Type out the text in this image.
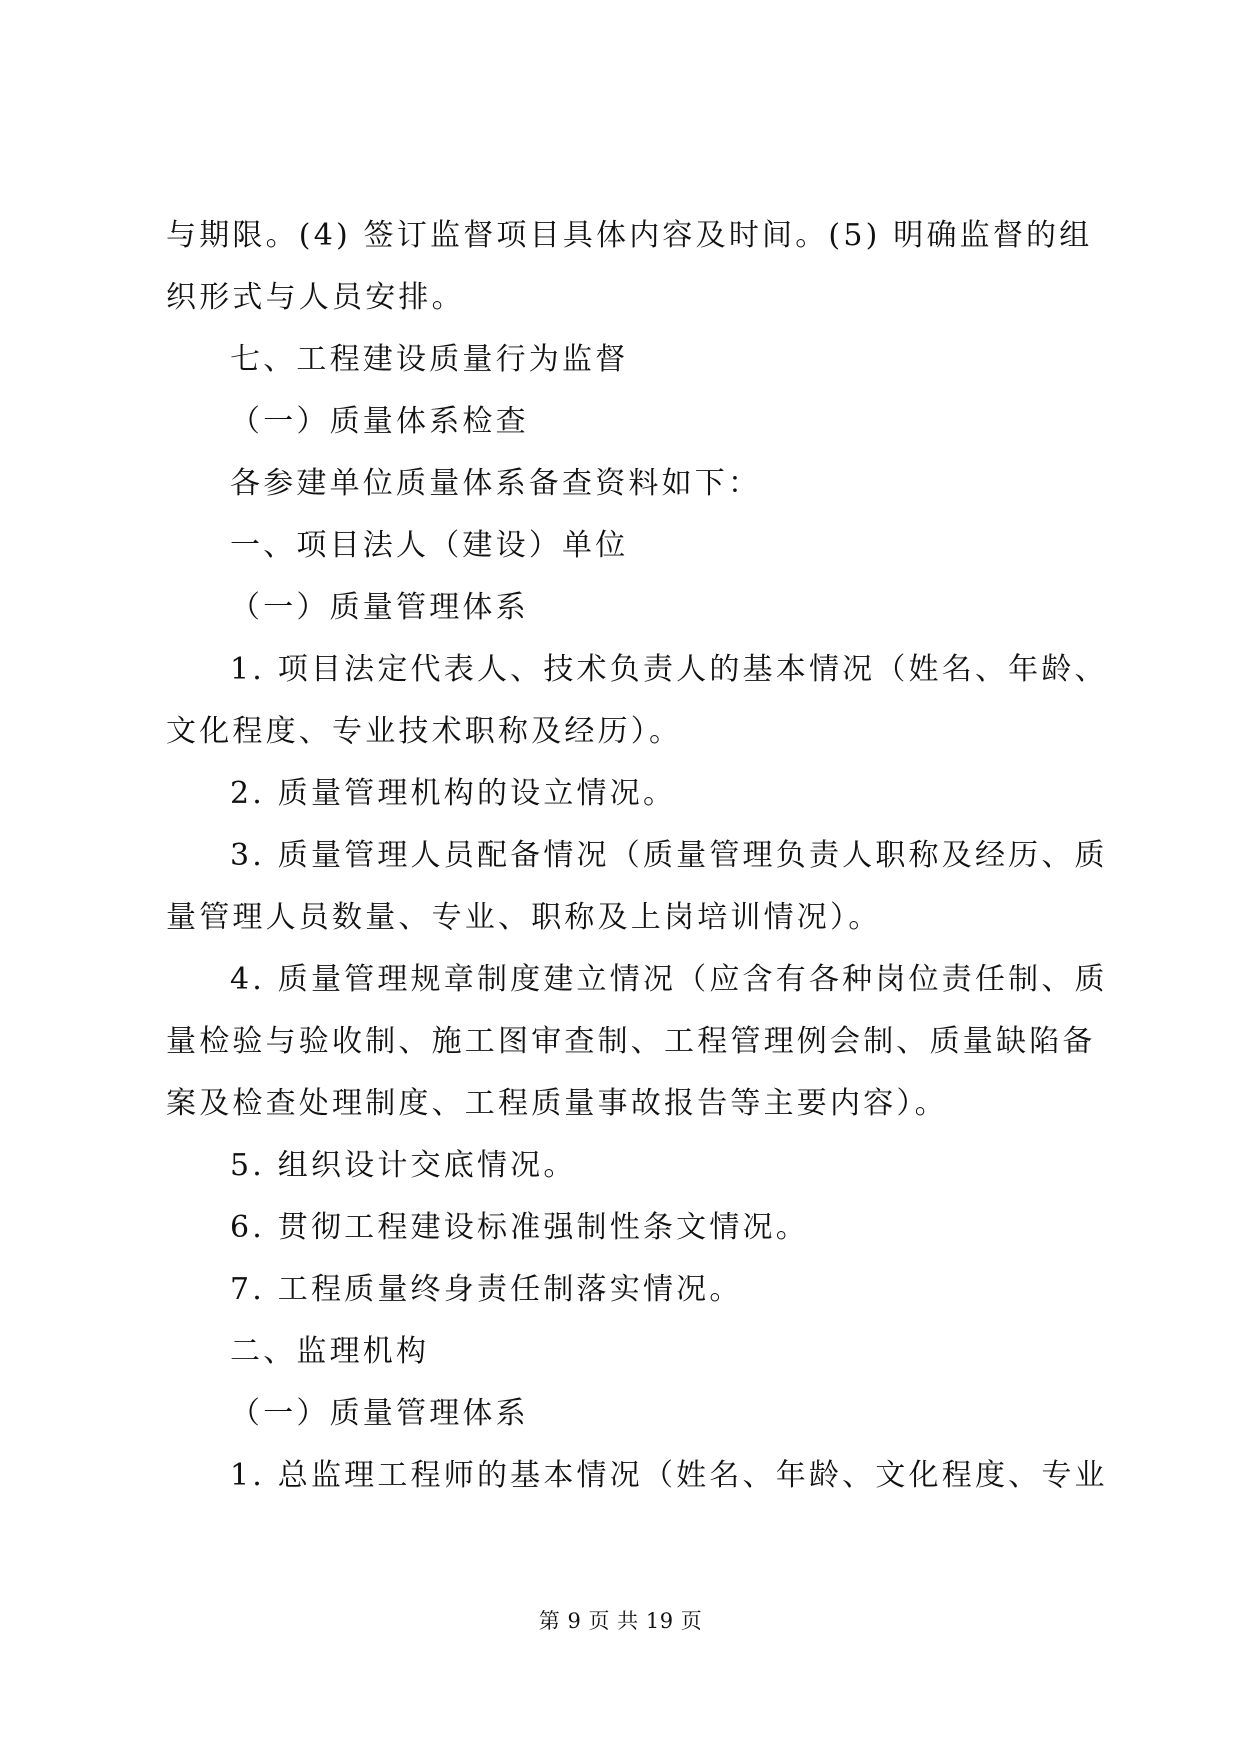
与期限。(4) 签订监督项目具体内容及时间。(5) 明确监督的组
织形式与人员安排。
七、工程建设质量行为监督
（一）质量体系检查
各参建单位质量体系备查资料如下：
一、项目法人（建设）单位
（一）质量管理体系
1. 项目法定代表人、技术负责人的基本情况（姓名、年龄、
文化程度、专业技术职称及经历）。
2. 质量管理机构的设立情况。
3. 质量管理人员配备情况（质量管理负责人职称及经历、质
量管理人员数量、专业、职称及上岗培训情况）。
4. 质量管理规章制度建立情况（应含有各种岗位责任制、质
量检验与验收制、施工图审查制、工程管理例会制、质量缺陷备
案及检查处理制度、工程质量事故报告等主要内容）。
5. 组织设计交底情况。
6. 贯彻工程建设标准强制性条文情况。
7. 工程质量终身责任制落实情况。
二、监理机构
（一）质量管理体系
1. 总监理工程师的基本情况（姓名、年龄、文化程度、专业
第 9 页 共 19 页
